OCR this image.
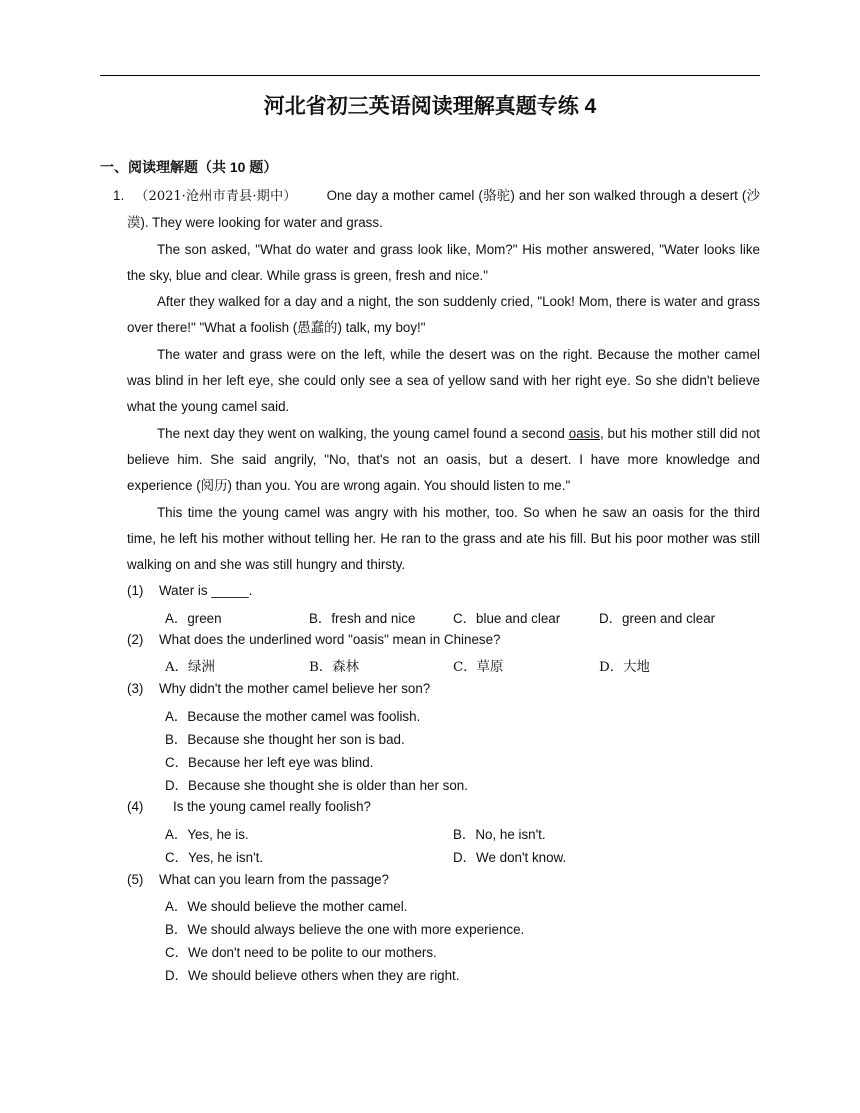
河北省初三英语阅读理解真题专练 4
一、阅读理解题（共 10 题）

1. （2021·沧州市青县·期中） One day a mother camel (骆驼) and her son walked through a desert (沙漠). They were looking for water and grass.

The son asked, "What do water and grass look like, Mom?" His mother answered, "Water looks like the sky, blue and clear. While grass is green, fresh and nice."

After they walked for a day and a night, the son suddenly cried, "Look! Mom, there is water and grass over there!" "What a foolish (愚蠢的) talk, my boy!"

The water and grass were on the left, while the desert was on the right. Because the mother camel was blind in her left eye, she could only see a sea of yellow sand with her right eye. So she didn't believe what the young camel said.

The next day they went on walking, the young camel found a second oasis, but his mother still did not believe him. She said angrily, "No, that's not an oasis, but a desert. I have more knowledge and experience (阅历) than you. You are wrong again. You should listen to me."

This time the young camel was angry with his mother, too. So when he saw an oasis for the third time, he left his mother without telling her. He ran to the grass and ate his fill. But his poor mother was still walking on and she was still hungry and thirsty.

(1) Water is _____.
A．green	B．fresh and nice	C．blue and clear	D．green and clear
(2) What does the underlined word "oasis" mean in Chinese?
A．绿洲	B．森林	C．草原	D．大地
(3) Why didn't the mother camel believe her son?
A．Because the mother camel was foolish.
B．Because she thought her son is bad.
C．Because her left eye was blind.
D．Because she thought she is older than her son.
(4) Is the young camel really foolish?
A．Yes, he is.	B．No, he isn't.
C．Yes, he isn't.	D．We don't know.
(5) What can you learn from the passage?
A．We should believe the mother camel.
B．We should always believe the one with more experience.
C．We don't need to be polite to our mothers.
D．We should believe others when they are right.
